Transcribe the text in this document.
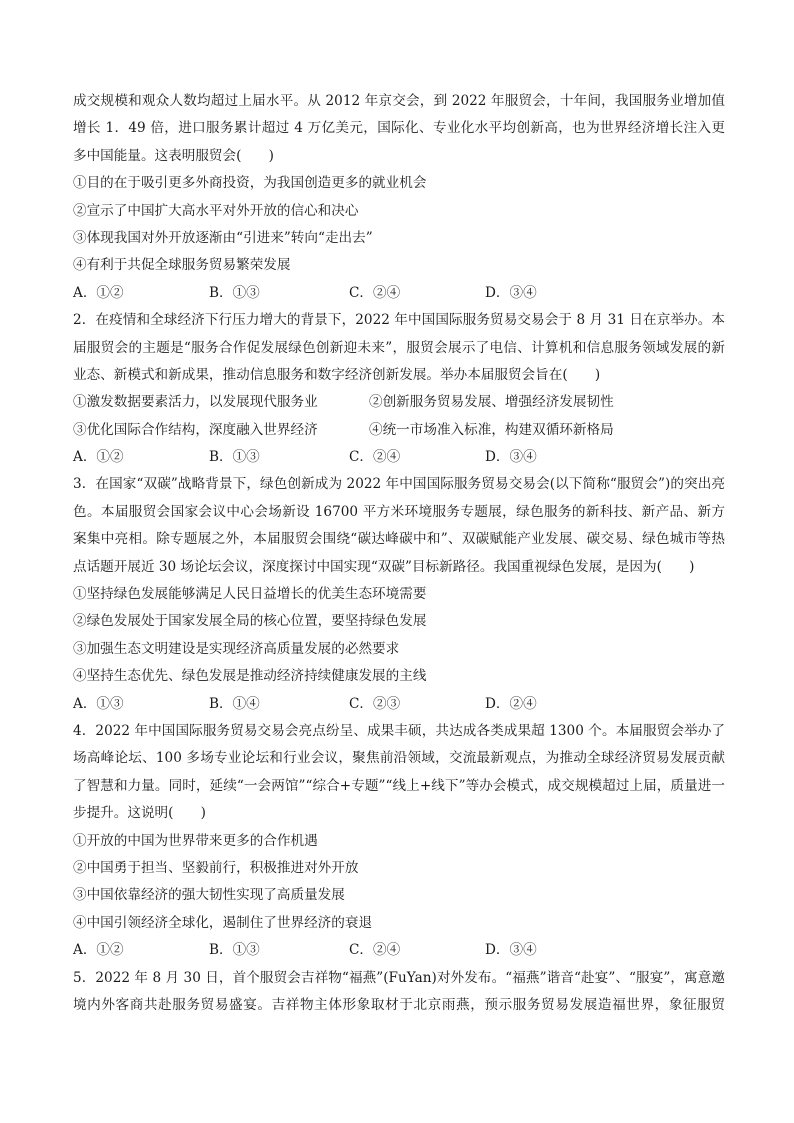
成交规模和观众人数均超过上届水平。从 2012 年京交会，到 2022 年服贸会，十年间，我国服务业增加值
增长 1．49 倍，进口服务累计超过 4 万亿美元，国际化、专业化水平均创新高，也为世界经济增长注入更
多中国能量。这表明服贸会(　　)
①目的在于吸引更多外商投资，为我国创造更多的就业机会
②宣示了中国扩大高水平对外开放的信心和决心
③体现我国对外开放逐渐由“引进来”转向“走出去”
④有利于共促全球服务贸易繁荣发展
A．①②	B．①③	C．②④	D．③④
2．在疫情和全球经济下行压力增大的背景下，2022 年中国国际服务贸易交易会于 8 月 31 日在京举办。本
届服贸会的主题是“服务合作促发展绿色创新迎未来”，服贸会展示了电信、计算机和信息服务领域发展的新
业态、新模式和新成果，推动信息服务和数字经济创新发展。举办本届服贸会旨在(　　)
①激发数据要素活力，以发展现代服务业	②创新服务贸易发展、增强经济发展韧性
③优化国际合作结构，深度融入世界经济	④统一市场准入标准，构建双循环新格局
A．①②	B．①③	C．②④	D．③④
3．在国家“双碳”战略背景下，绿色创新成为 2022 年中国国际服务贸易交易会(以下简称“服贸会”)的突出亮
色。本届服贸会国家会议中心会场新设 16700 平方米环境服务专题展，绿色服务的新科技、新产品、新方
案集中亮相。除专题展之外，本届服贸会围绕“碳达峰碳中和”、双碳赋能产业发展、碳交易、绿色城市等热
点话题开展近 30 场论坛会议，深度探讨中国实现“双碳”目标新路径。我国重视绿色发展，是因为(　　)
①坚持绿色发展能够满足人民日益增长的优美生态环境需要
②绿色发展处于国家发展全局的核心位置，要坚持绿色发展
③加强生态文明建设是实现经济高质量发展的必然要求
④坚持生态优先、绿色发展是推动经济持续健康发展的主线
A．①③	B．①④	C．②③	D．②④
4．2022 年中国国际服务贸易交易会亮点纷呈、成果丰硕，共达成各类成果超 1300 个。本届服贸会举办了
场高峰论坛、100 多场专业论坛和行业会议，聚焦前沿领域，交流最新观点，为推动全球经济贸易发展贡献
了智慧和力量。同时，延续“一会两馆”“综合+专题”“线上+线下”等办会模式，成交规模超过上届，质量进一
步提升。这说明(　　)
①开放的中国为世界带来更多的合作机遇
②中国勇于担当、坚毅前行，积极推进对外开放
③中国依靠经济的强大韧性实现了高质量发展
④中国引领经济全球化，遏制住了世界经济的衰退
A．①②	B．①③	C．②④	D．③④
5．2022 年 8 月 30 日，首个服贸会吉祥物“福燕”(FuYan)对外发布。“福燕”谐音“赴宴”、“服宴”，寓意邀
境内外客商共赴服务贸易盛宴。吉祥物主体形象取材于北京雨燕，预示服务贸易发展造福世界，象征服贸
